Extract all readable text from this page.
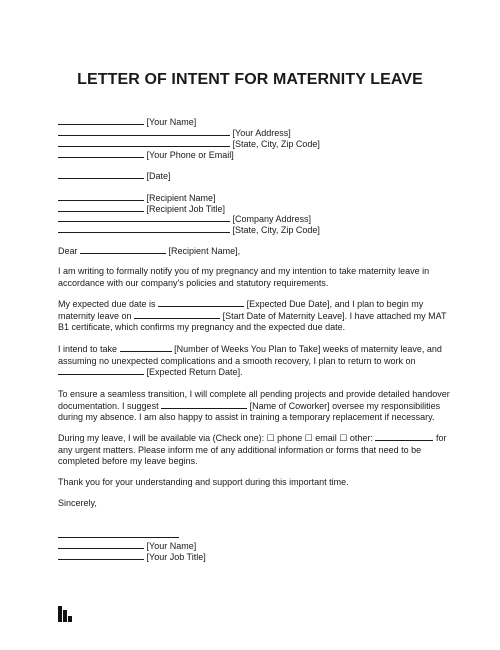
LETTER OF INTENT FOR MATERNITY LEAVE
[Your Name]
[Your Address]
[State, City, Zip Code]
[Your Phone or Email]
[Date]
[Recipient Name]
[Recipient Job Title]
[Company Address]
[State, City, Zip Code]
Dear	[Recipient Name],
I am writing to formally notify you of my pregnancy and my intention to take maternity leave in accordance with our company's policies and statutory requirements.
My expected due date is	[Expected Due Date], and I plan to begin my maternity leave on	[Start Date of Maternity Leave]. I have attached my MAT B1 certificate, which confirms my pregnancy and the expected due date.
I intend to take	[Number of Weeks You Plan to Take] weeks of maternity leave, and assuming no unexpected complications and a smooth recovery, I plan to return to work on  [Expected Return Date].
To ensure a seamless transition, I will complete all pending projects and provide detailed handover documentation. I suggest	[Name of Coworker] oversee my responsibilities during my absence. I am also happy to assist in training a temporary replacement if necessary.
During my leave, I will be available via (Check one): ☐ phone ☐ email ☐ other:	for any urgent matters. Please inform me of any additional information or forms that need to be completed before my leave begins.
Thank you for your understanding and support during this important time.
Sincerely,
[Your Name]
[Your Job Title]
